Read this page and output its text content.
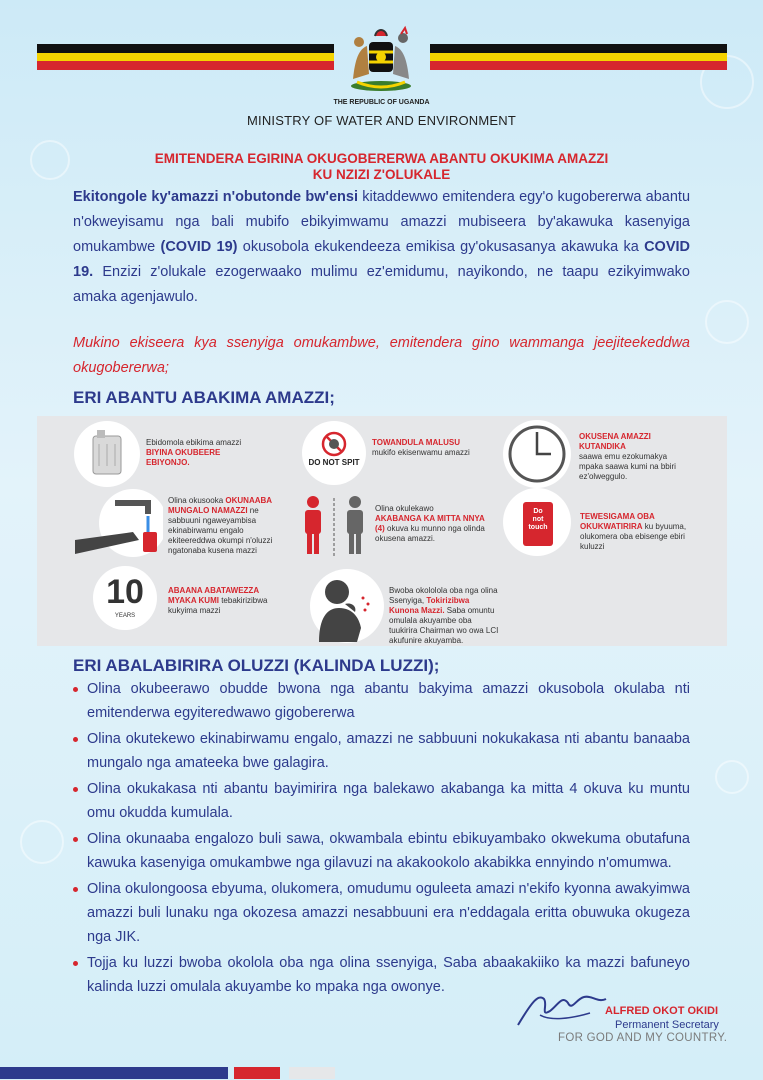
THE REPUBLIC OF UGANDA
MINISTRY OF WATER AND ENVIRONMENT
EMITENDERA EGIRINA OKUGOBERERWA ABANTU OKUKIMA AMAZZI
KU NZIZI Z'OLUKALE
Ekitongole ky'amazzi n'obutonde bw'ensi kitaddewwo emitendera egy'o kugobererwa abantu n'okweyisamu nga bali mubifo ebikyimwamu amazzi mubiseera by'akawuka kasenyiga omukambwe (COVID 19) okusobola ekukendeeza emikisa gy'okusasanya akawuka ka COVID 19. Enzizi z'olukale ezogerwaako mulimu ez'emidumu, nayikondo, ne taapu ezikyimwako amaka agenjawulo.
Mukino ekiseera kya ssenyiga omukambwe, emitendera gino wammanga jeejiteekeddwa okugobererwa;
ERI ABANTU ABAKIMA AMAZZI;
Ebidomola ebikima amazzi
BIYINA OKUBEERE EBIYONJO.	DO NOT SPIT
TOWANDULA MALUSU
mukifo ekisenwamu amazzi
OKUSENA AMAZZI KUTANDIKA
saawa emu ezokumakya mpaka saawa kumi na bbiri ez'olweggulo.
Olina okusooka OKUNAABA MUNGALO NAMAZZI ne sabbuuni ngaweyambisa ekinabirwamu engalo ekiteereddwa okumpi n'oluzzi ngatonaba kusena mazzi
Olina okulekawo
AKABANGA KA MITTA NNYA (4) okuva ku munno nga olinda okusena amazzi.
Do
not
touch
TEWESIGAMA OBA OKUKWATIRIRA ku byuuma, olukomera oba ebisenge ebiri kuluzzi
10
YEARS
ABAANA ABATAWEZZA MYAKA KUMI tebakirizibwa kukyima mazzi
Bwoba okololola oba nga olina Ssenyiga, Tokirizibwa Kunona Mazzi. Saba omuntu omulala akuyambe oba tuukirira Chairman wo owa LCI akufunire akuyamba.
ERI ABALABIRIRA OLUZZI (KALINDA LUZZI);
Olina okubeerawo obudde bwona nga abantu bakyima amazzi okusobola okulaba nti emitenderwa egyiteredwawo gigobererwa
Olina okutekewo ekinabirwamu engalo, amazzi ne sabbuuni nokukakasa nti abantu banaaba mungalo nga amateeka bwe galagira.
Olina okukakasa nti abantu bayimirira nga balekawo akabanga ka mitta 4 okuva ku muntu omu okudda kumulala.
Olina okunaaba engalozo buli sawa, okwambala ebintu ebikuyambako okwekuma obutafuna kawuka kasenyiga omukambwe nga gilavuzi na akakookolo akabikka ennyindo n'omumwa.
Olina okulongoosa ebyuma, olukomera, omudumu oguleeta amazi n'ekifo kyonna awakyimwa amazzi buli lunaku nga okozesa amazzi nesabbuuni era n'eddagala eritta obuwuka okugeza nga JIK.
Tojja ku luzzi bwoba okolola oba nga olina ssenyiga, Saba abaakakiiko ka mazzi bafuneyo kalinda luzzi omulala akuyambe ko mpaka nga owonye.
ALFRED OKOT OKIDI
Permanent Secretary
FOR GOD AND MY COUNTRY.
